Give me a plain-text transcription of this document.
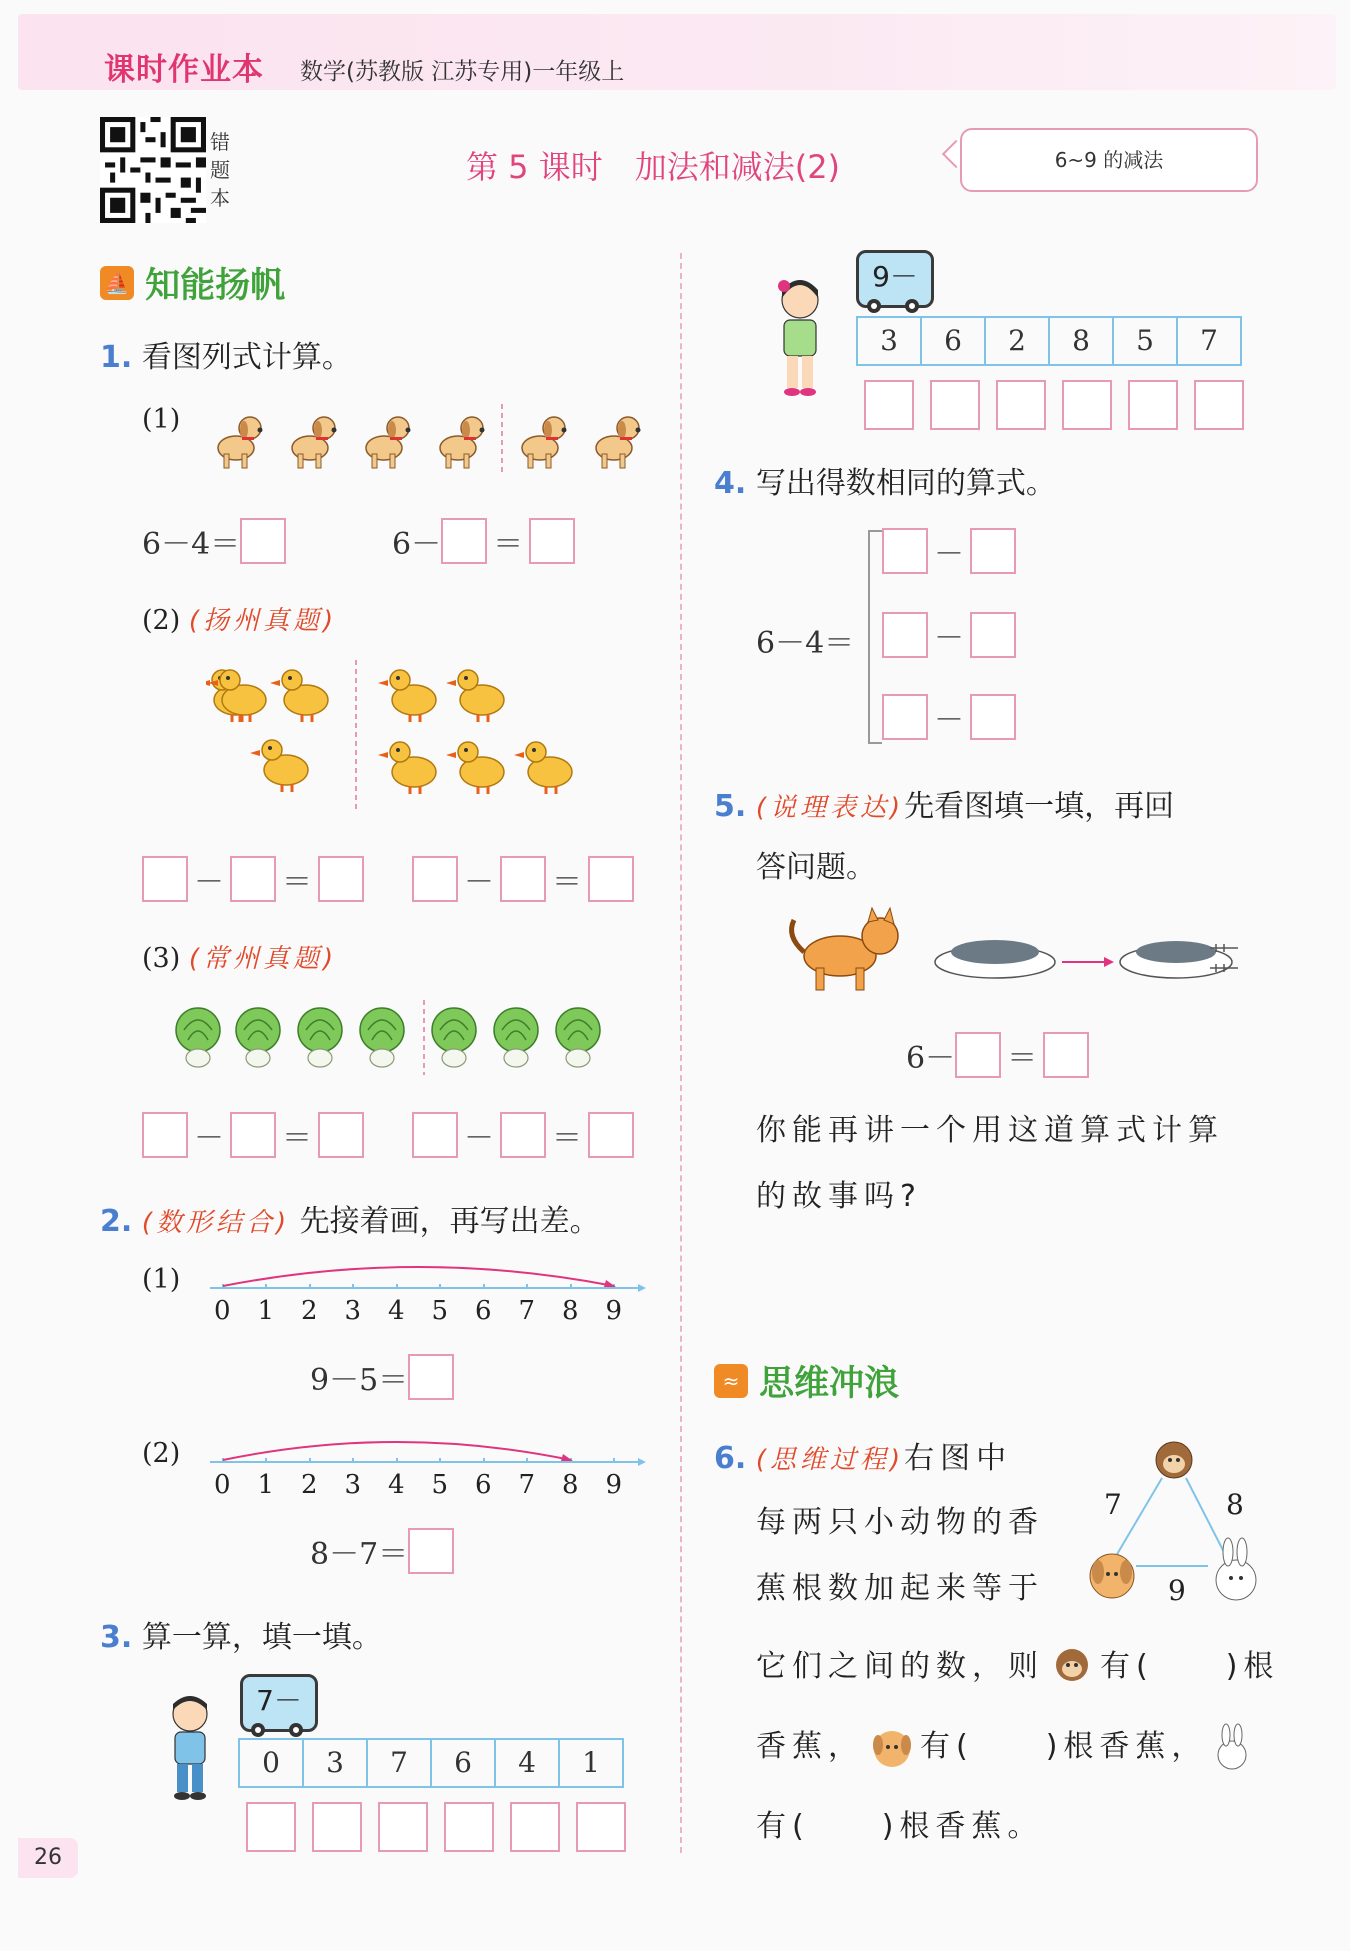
课时作业本 数学(苏教版 江苏专用)一年级上
错题本
第 5 课时　加法和减法(2)	6~9 的减法
⛵ 知能扬帆
1. 看图列式计算。
(1)
6－4＝	6－ ＝
(2) (扬州真题)
－ ＝	－ ＝
(3) (常州真题)
－ ＝	－ ＝
2. (数形结合) 先接着画，再写出差。
(1)
0 1 2 3 4 5 6 7 8 9
9－5＝
(2)
0 1 2 3 4 5 6 7 8 9
8－7＝
3. 算一算，填一填。
7－
0	3	7	6	4	1
9－
3	6	2	8	5	7
4. 写出得数相同的算式。
6－4＝
－
－
－
5. (说理表达)先看图填一填，再回
答问题。
6－ ＝
你能再讲一个用这道算式计算
的故事吗?
≈ 思维冲浪
6. (思维过程)右图中
每两只小动物的香
蕉根数加起来等于
7	8
9
它们之间的数，则 有(　　)根
香蕉， 有(　　)根香蕉，
有(　　)根香蕉。
26
